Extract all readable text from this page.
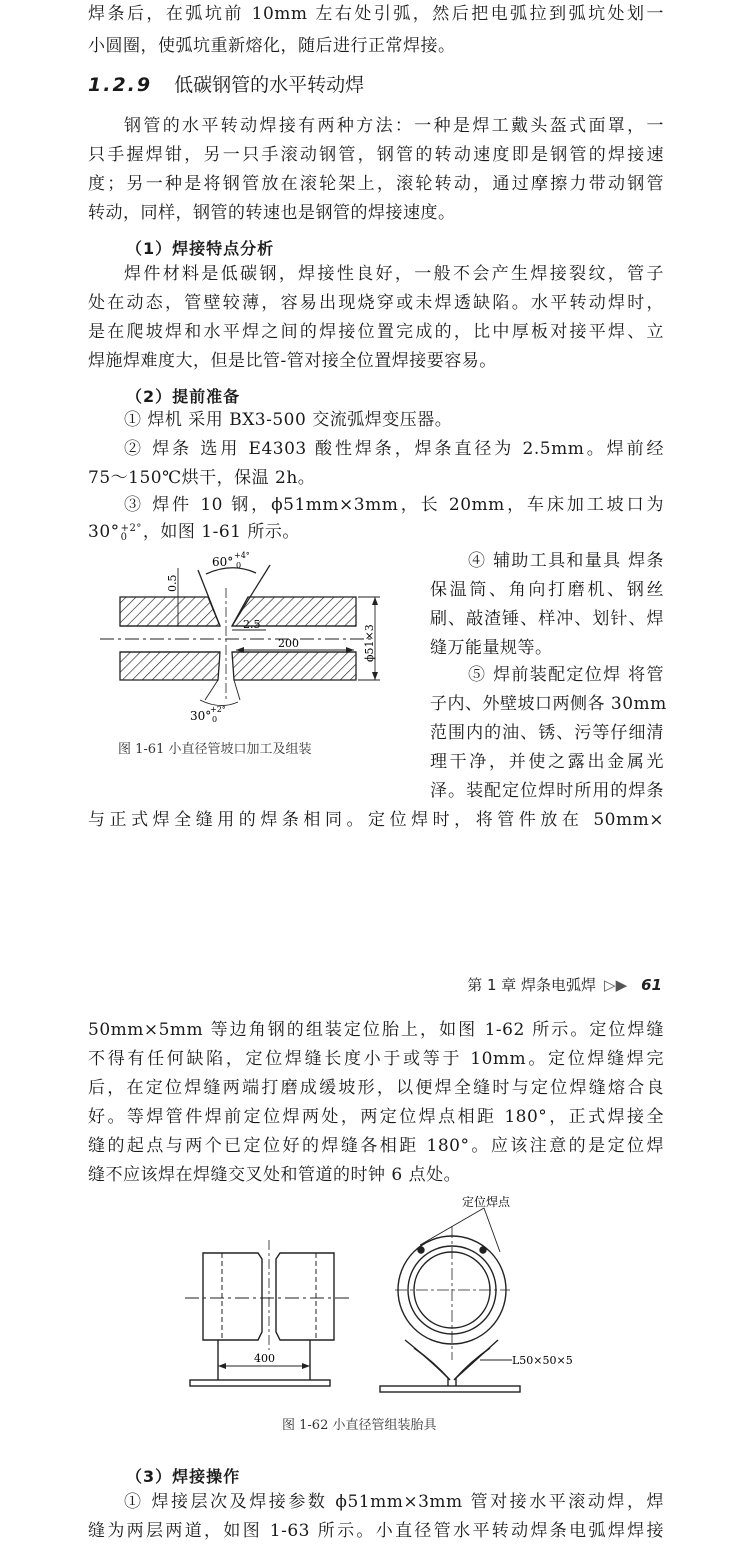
焊条后，在弧坑前 10mm 左右处引弧，然后把电弧拉到弧坑处划一
小圆圈，使弧坑重新熔化，随后进行正常焊接。
1.2.9 低碳钢管的水平转动焊
钢管的水平转动焊接有两种方法：一种是焊工戴头盔式面罩，一
只手握焊钳，另一只手滚动钢管，钢管的转动速度即是钢管的焊接速
度；另一种是将钢管放在滚轮架上，滚轮转动，通过摩擦力带动钢管
转动，同样，钢管的转速也是钢管的焊接速度。
（1）焊接特点分析
焊件材料是低碳钢，焊接性良好，一般不会产生焊接裂纹，管子
处在动态，管壁较薄，容易出现烧穿或未焊透缺陷。水平转动焊时，
是在爬坡焊和水平焊之间的焊接位置完成的，比中厚板对接平焊、立
焊施焊难度大，但是比管-管对接全位置焊接要容易。
（2）提前准备
① 焊机 采用 BX3-500 交流弧焊变压器。
② 焊条 选用 E4303 酸性焊条，焊条直径为 2.5mm。焊前经
75～150℃烘干，保温 2h。
③ 焊件 10 钢，ϕ51mm×3mm，长 20mm，车床加工坡口为
30° +2°
0 ，如图 1-61 所示。
④ 辅助工具和量具 焊条
保温筒、角向打磨机、钢丝
刷、敲渣锤、样冲、划针、焊
缝万能量规等。
⑤ 焊前装配定位焊 将管
子内、外壁坡口两侧各 30mm
范围内的油、锈、污等仔细清
理干净，并使之露出金属光
泽。装配定位焊时所用的焊条
与正式焊全缝用的焊条相同。定位焊时，将管件放在 50mm×
60° +4°
0
0.5
2.5
200	ϕ51×3
30°
+2°
0
图 1-61 小直径管坡口加工及组装
第 1 章 焊条电弧焊 ▷▶ 61
50mm×5mm 等边角钢的组装定位胎上，如图 1-62 所示。定位焊缝
不得有任何缺陷，定位焊缝长度小于或等于 10mm。定位焊缝焊完
后，在定位焊缝两端打磨成缓坡形，以便焊全缝时与定位焊缝熔合良
好。等焊管件焊前定位焊两处，两定位焊点相距 180°，正式焊接全
缝的起点与两个已定位好的焊缝各相距 180°。应该注意的是定位焊
缝不应该焊在焊缝交叉处和管道的时钟 6 点处。
定位焊点
400	L50×50×5
图 1-62 小直径管组装胎具
（3）焊接操作
① 焊接层次及焊接参数 ϕ51mm×3mm 管对接水平滚动焊，焊
缝为两层两道，如图 1-63 所示。小直径管水平转动焊条电弧焊焊接
